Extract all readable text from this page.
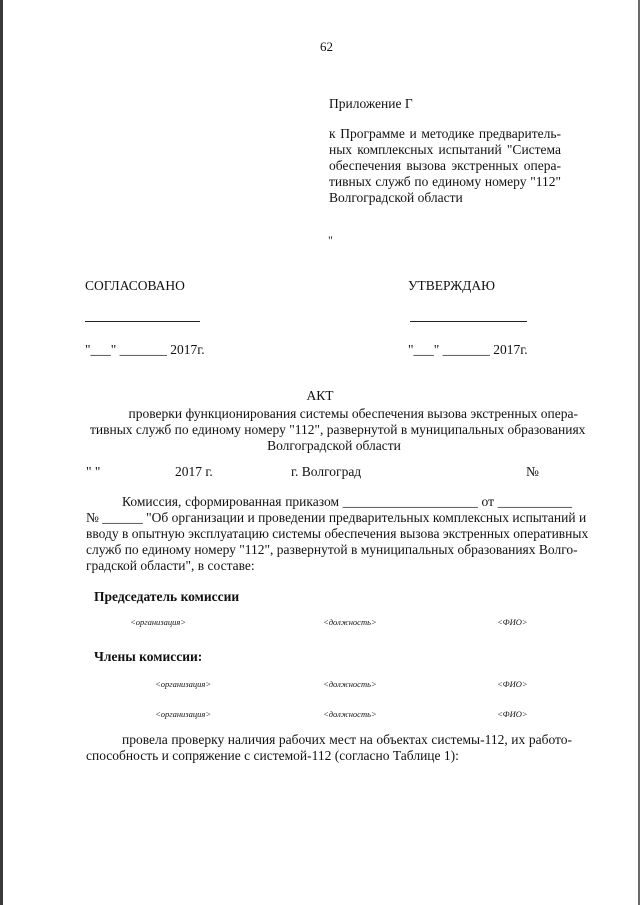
62
Приложение Г
к Программе и методике предваритель-
ных комплексных испытаний "Система
обеспечения вызова экстренных опера-
тивных служб по единому номеру "112"
Волгоградской области
"
СОГЛАСОВАНО	УТВЕРЖДАЮ
"___" _______ 2017г.	"___" _______ 2017г.
АКТ
проверки функционирования системы обеспечения вызова экстренных опера-
тивных служб по единому номеру "112", развернутой в муниципальных образованиях
Волгоградской области
" "	2017 г.	г. Волгоград	№
Комиссия, сформированная приказом ____________________ от ___________
№ ______ "Об организации и проведении предварительных комплексных испытаний и
вводу в опытную эксплуатацию системы обеспечения вызова экстренных оперативных
служб по единому номеру "112", развернутой в муниципальных образованиях Волго-
градской области", в составе:
Председатель комиссии
< организация >	< должность >	< ФИО >
Члены комиссии:
< организация >	< должность >	< ФИО >
< организация >	< должность >	< ФИО >
провела проверку наличия рабочих мест на объектах системы-112, их работо-
способность и сопряжение с системой-112 (согласно Таблице 1):
